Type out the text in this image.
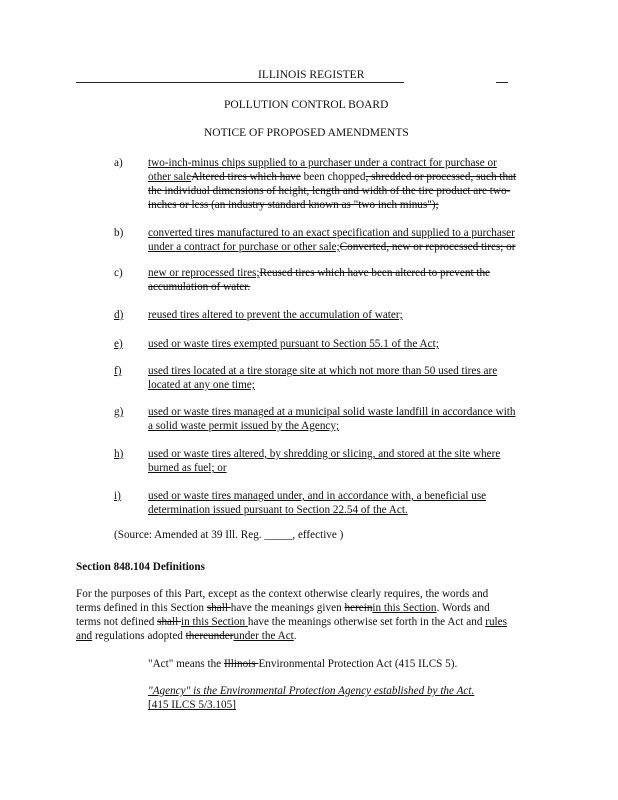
ILLINOIS REGISTER
POLLUTION CONTROL BOARD
NOTICE OF PROPOSED AMENDMENTS
a) two-inch-minus chips supplied to a purchaser under a contract for purchase or
other saleAltered tires which have been chopped, shredded or processed, such that
the individual dimensions of height, length and width of the tire product are two-
inches or less (an industry standard known as "two inch minus");
b) converted tires manufactured to an exact specification and supplied to a purchaser
under a contract for purchase or other sale;Converted, new or reprocessed tires; or
c) new or reprocessed tires;Reused tires which have been altered to prevent the
accumulation of water.
d) reused tires altered to prevent the accumulation of water;
e) used or waste tires exempted pursuant to Section 55.1 of the Act;
f) used tires located at a tire storage site at which not more than 50 used tires are
located at any one time;
g) used or waste tires managed at a municipal solid waste landfill in accordance with
a solid waste permit issued by the Agency;
h) used or waste tires altered, by shredding or slicing, and stored at the site where
burned as fuel; or
i) used or waste tires managed under, and in accordance with, a beneficial use
determination issued pursuant to Section 22.54 of the Act.
(Source: Amended at 39 Ill. Reg. _____, effective )
Section 848.104 Definitions
For the purposes of this Part, except as the context otherwise clearly requires, the words and
terms defined in this Section shall have the meanings given hereinin this Section. Words and
terms not defined shall in this Section have the meanings otherwise set forth in the Act and rules
and regulations adopted thereunderunder the Act.
"Act" means the Illinois Environmental Protection Act (415 ILCS 5).
"Agency" is the Environmental Protection Agency established by the Act.
[415 ILCS 5/3.105]
